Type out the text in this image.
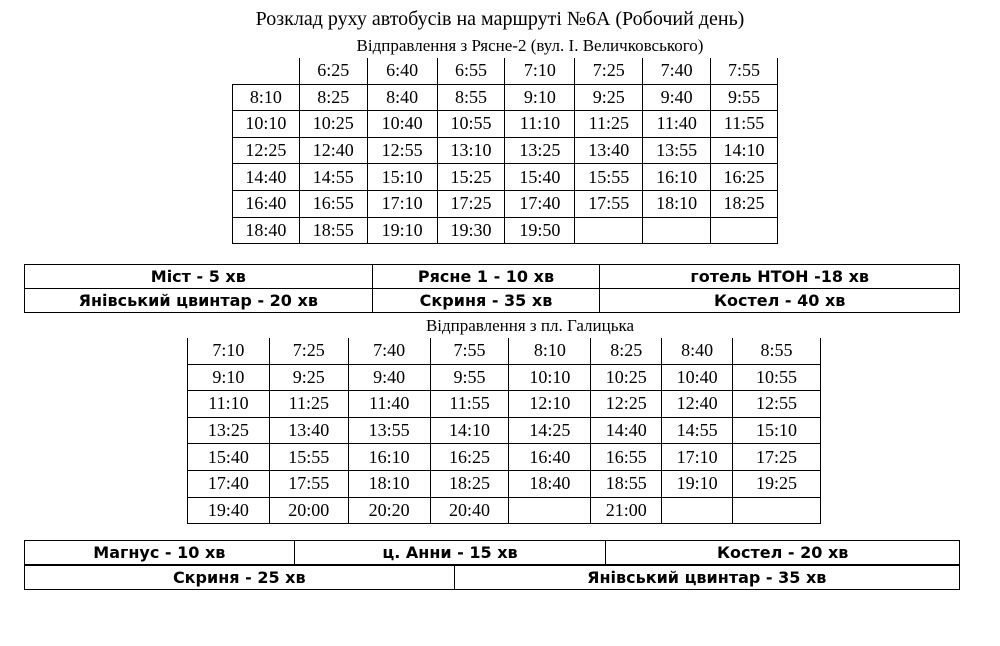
Розклад руху автобусів на маршруті №6А (Робочий день)
Відправлення з Рясне-2 (вул. І. Величковського)
	6:25	6:40	6:55	7:10	7:25	7:40	7:55
8:10	8:25	8:40	8:55	9:10	9:25	9:40	9:55
10:10	10:25	10:40	10:55	11:10	11:25	11:40	11:55
12:25	12:40	12:55	13:10	13:25	13:40	13:55	14:10
14:40	14:55	15:10	15:25	15:40	15:55	16:10	16:25
16:40	16:55	17:10	17:25	17:40	17:55	18:10	18:25
18:40	18:55	19:10	19:30	19:50			
Міст - 5 хв	Рясне 1 - 10 хв	готель НТОН -18 хв
Янівський цвинтар - 20 хв	Скриня - 35 хв	Костел - 40 хв
Відправлення з пл. Галицька
7:10	7:25	7:40	7:55	8:10	8:25	8:40	8:55
9:10	9:25	9:40	9:55	10:10	10:25	10:40	10:55
11:10	11:25	11:40	11:55	12:10	12:25	12:40	12:55
13:25	13:40	13:55	14:10	14:25	14:40	14:55	15:10
15:40	15:55	16:10	16:25	16:40	16:55	17:10	17:25
17:40	17:55	18:10	18:25	18:40	18:55	19:10	19:25
19:40	20:00	20:20	20:40		21:00		
Магнус - 10 хв	ц. Анни - 15 хв	Костел - 20 хв
Скриня - 25 хв	Янівський цвинтар - 35 хв
